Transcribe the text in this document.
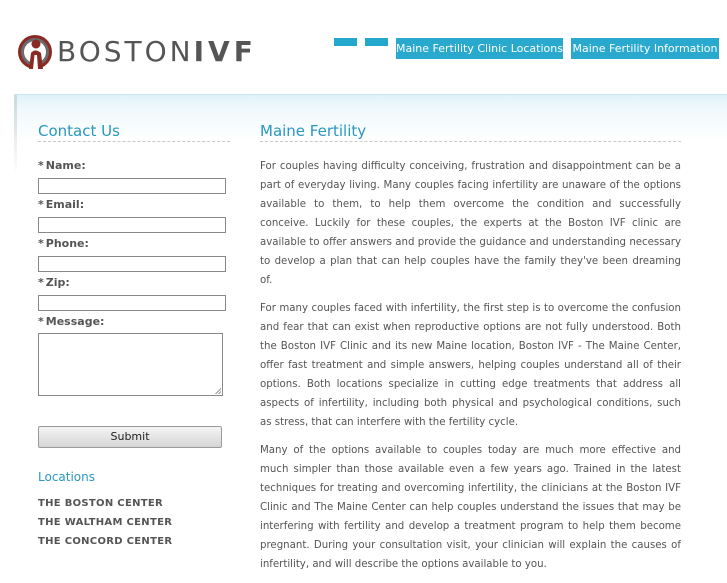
BOSTONIVF	Maine Fertility Clinic Locations Maine Fertility Information
Contact Us
* Name:
* Email:
* Phone:
* Zip:
* Message:
Submit
Locations
THE BOSTON CENTER
THE WALTHAM CENTER
THE CONCORD CENTER
Maine Fertility

For couples having difficulty conceiving, frustration and disappointment can be a part of everyday living. Many couples facing infertility are unaware of the options available to them, to help them overcome the condition and successfully conceive. Luckily for these couples, the experts at the Boston IVF clinic are available to offer answers and provide the guidance and understanding necessary to develop a plan that can help couples have the family they've been dreaming of.

For many couples faced with infertility, the first step is to overcome the confusion and fear that can exist when reproductive options are not fully understood. Both the Boston IVF Clinic and its new Maine location, Boston IVF - The Maine Center, offer fast treatment and simple answers, helping couples understand all of their options. Both locations specialize in cutting edge treatments that address all aspects of infertility, including both physical and psychological conditions, such as stress, that can interfere with the fertility cycle.

Many of the options available to couples today are much more effective and much simpler than those available even a few years ago. Trained in the latest techniques for treating and overcoming infertility, the clinicians at the Boston IVF Clinic and The Maine Center can help couples understand the issues that may be interfering with fertility and develop a treatment program to help them become pregnant. During your consultation visit, your clinician will explain the causes of infertility, and will describe the options available to you.
